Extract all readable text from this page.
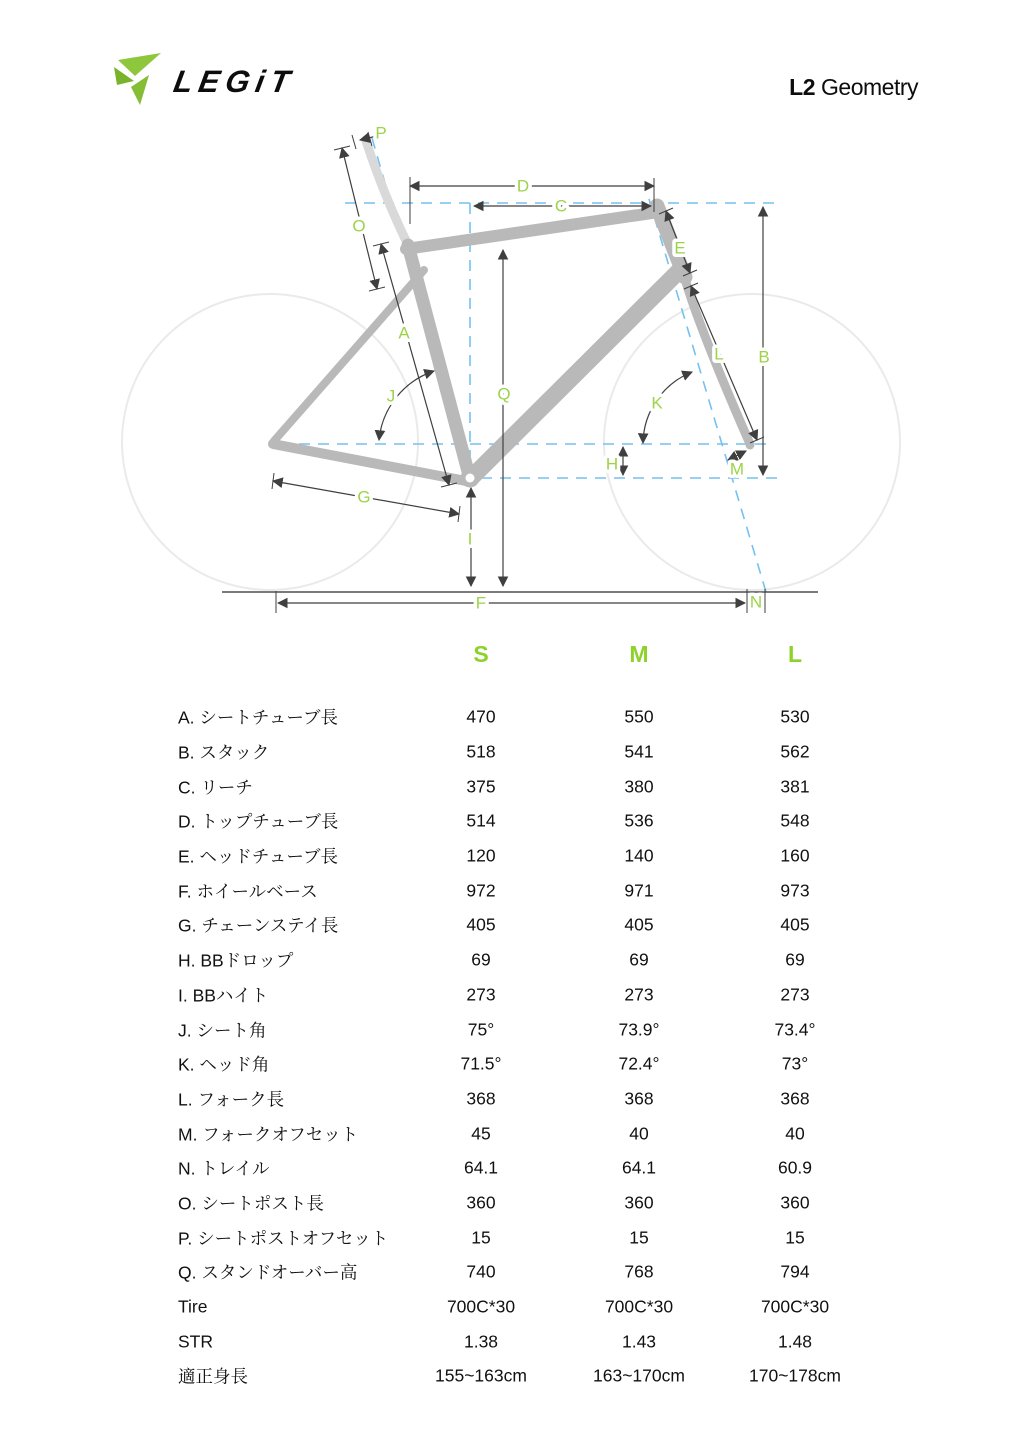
LEGiT	L2 Geometry
P
D
C
O
A
E
B
L
J	K
Q
H	M
G
I
F	N
S	M	L
A. シートチューブ長	470	550	530
B. スタック	518	541	562
C. リーチ	375	380	381
D. トップチューブ長	514	536	548
E. ヘッドチューブ長	120	140	160
F. ホイールベース	972	971	973
G. チェーンステイ長	405	405	405
H. BBドロップ	69	69	69
I. BBハイト	273	273	273
J. シート角	75°	73.9°	73.4°
K. ヘッド角	71.5°	72.4°	73°
L. フォーク長	368	368	368
M. フォークオフセット	45	40	40
N. トレイル	64.1	64.1	60.9
O. シートポスト長	360	360	360
P. シートポストオフセット	15	15	15
Q. スタンドオーバー高	740	768	794
Tire	700C*30	700C*30	700C*30
STR	1.38	1.43	1.48
適正身長	155~163cm	163~170cm	170~178cm
